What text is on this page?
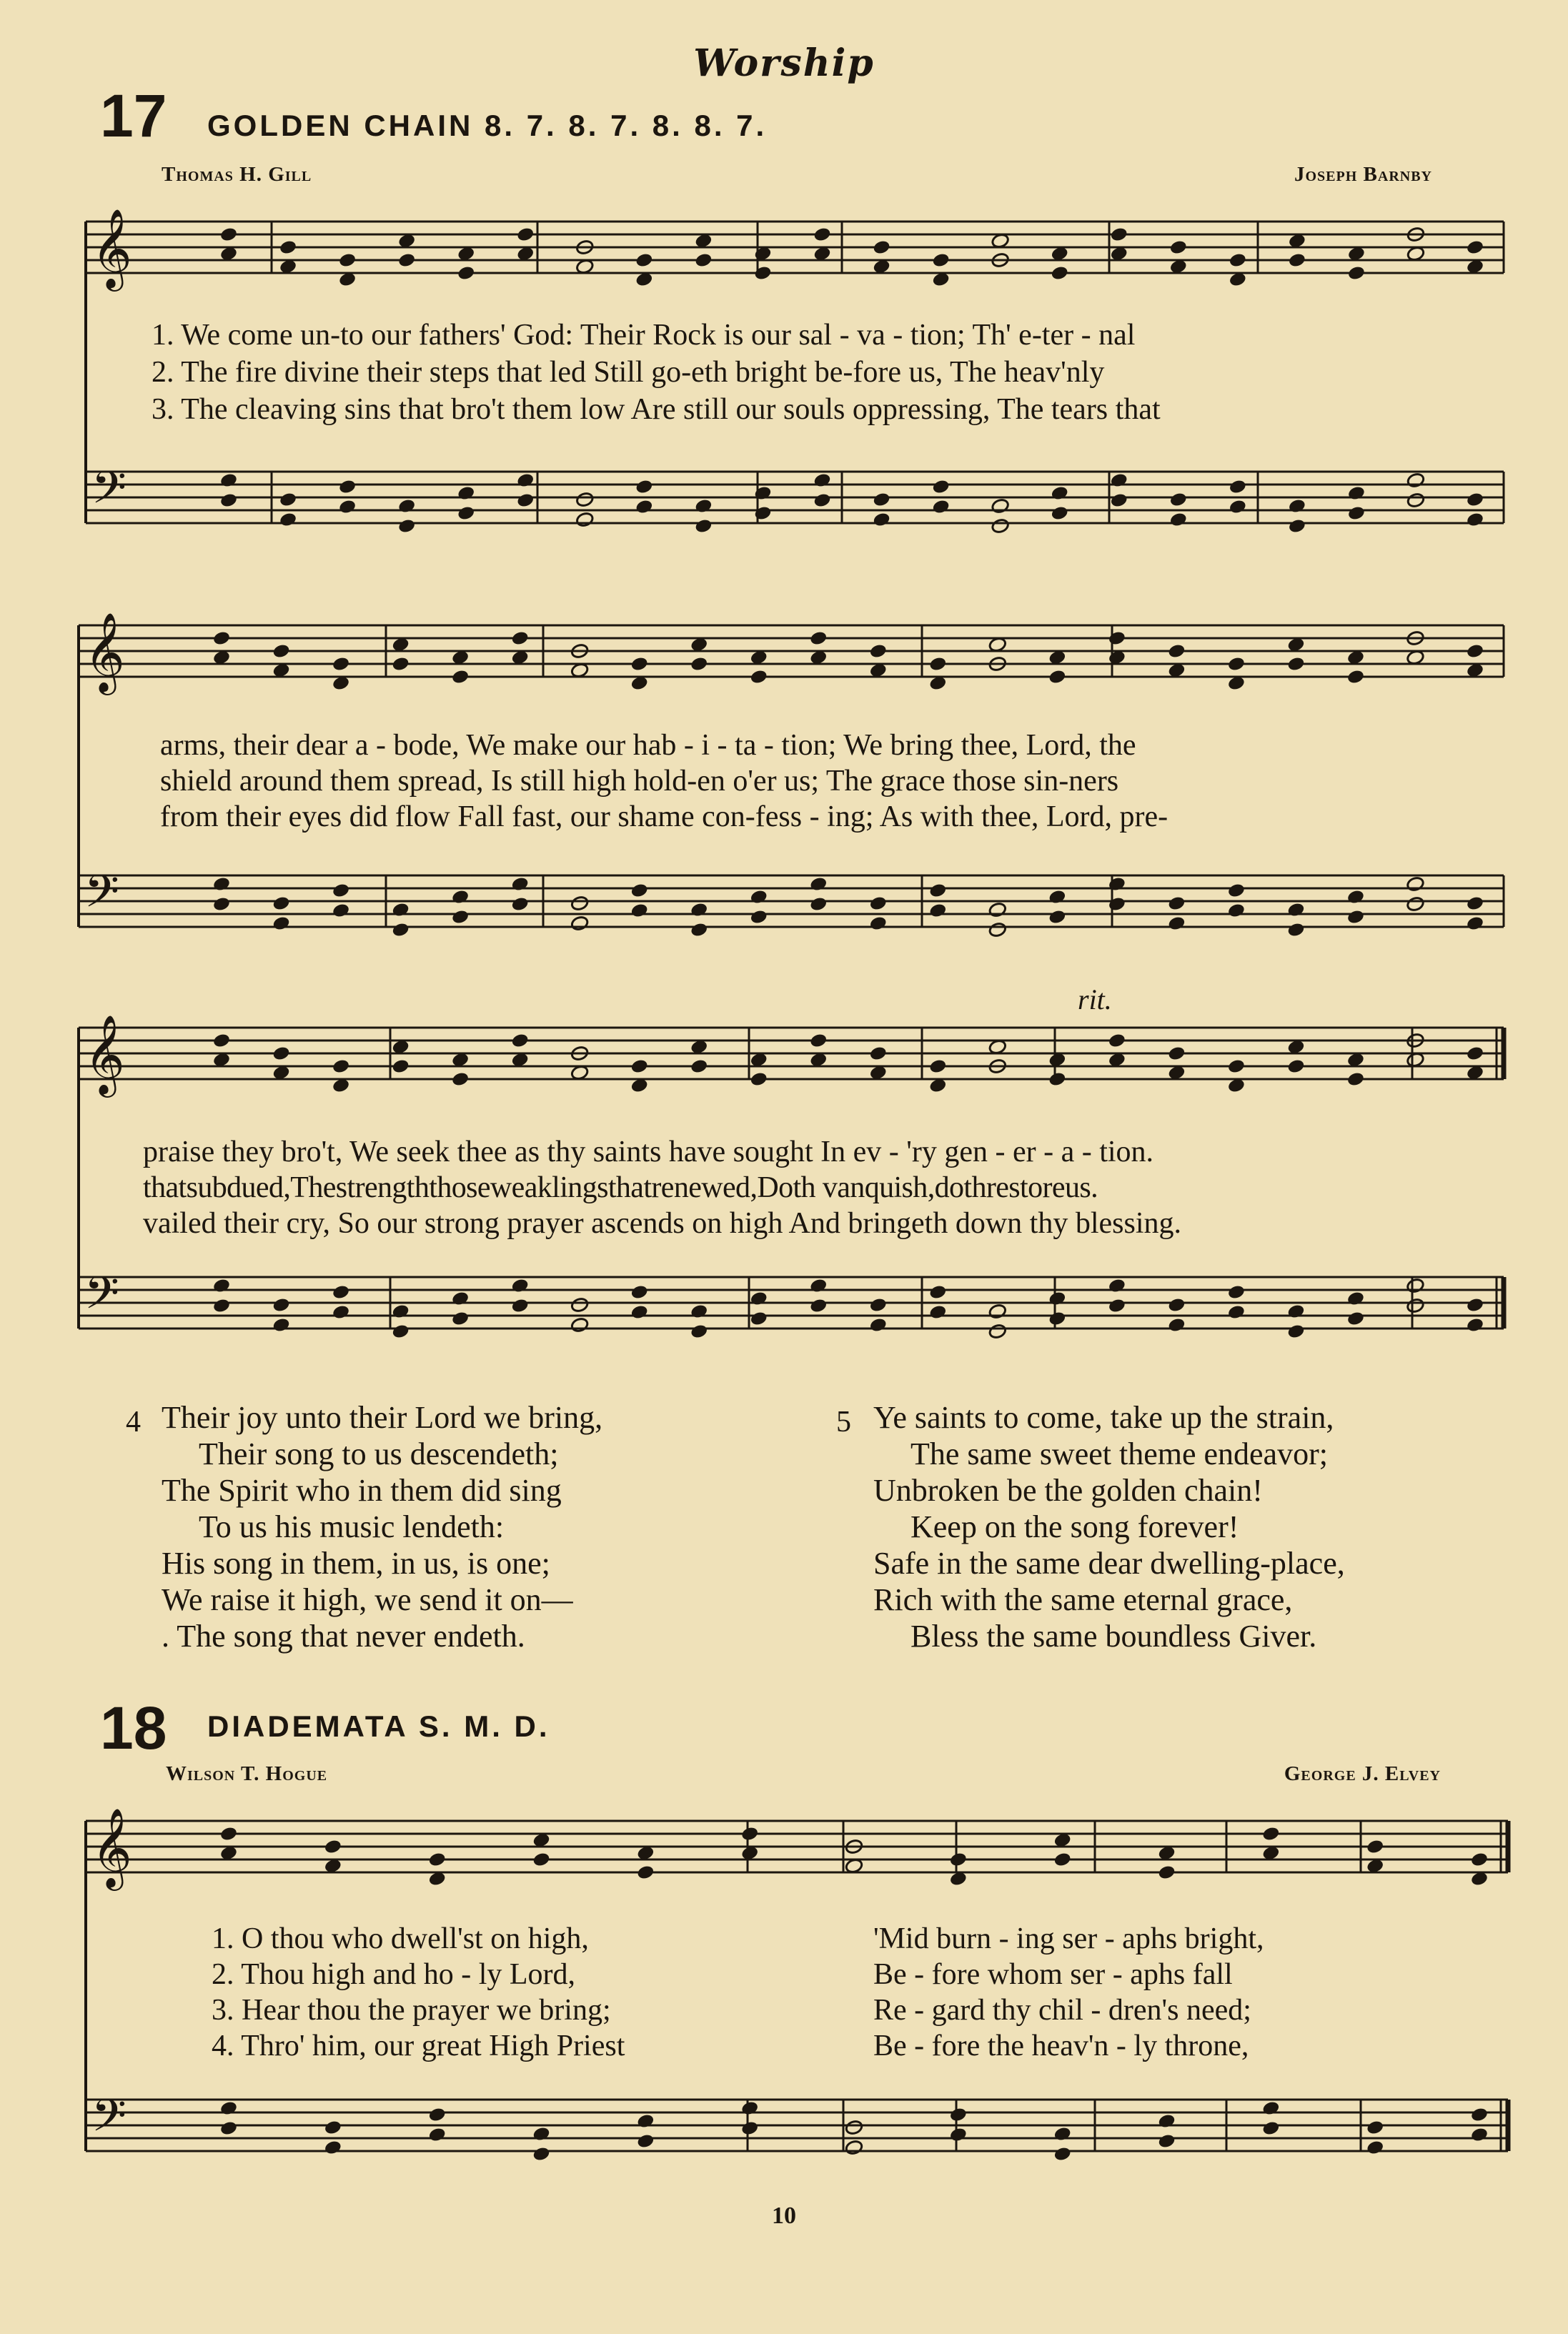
Worship
17 GOLDEN CHAIN 8. 7. 8. 7. 8. 8. 7.
Thomas H. Gill	Joseph Barnby
𝄞
𝄢
𝄞
𝄢
𝄞
𝄢
𝄞
𝄢
rit.
1. We come un-to our fathers' God: Their Rock is our sal - va - tion; Th' e-ter - nal
2. The fire divine their steps that led Still go-eth bright be-fore us, The heav'nly
3. The cleaving sins that bro't them low Are still our souls oppressing, The tears that
arms, their dear a - bode, We make our hab - i - ta - tion; We bring thee, Lord, the
shield around them spread, Is still high hold-en o'er us; The grace those sin-ners
from their eyes did flow Fall fast, our shame con-fess - ing; As with thee, Lord, pre-
praise they bro't, We seek thee as thy saints have sought In ev - 'ry gen - er - a - tion.
thatsubdued,Thestrengththoseweaklingsthatrenewed,Doth vanquish,dothrestoreus.
vailed their cry, So our strong prayer ascends on high And bringeth down thy blessing.
4 Their joy unto their Lord we bring,
Their song to us descendeth;
The Spirit who in them did sing
To us his music lendeth:
His song in them, in us, is one;
We raise it high, we send it on—
. The song that never endeth.
5 Ye saints to come, take up the strain,
The same sweet theme endeavor;
Unbroken be the golden chain!
Keep on the song forever!
Safe in the same dear dwelling-place,
Rich with the same eternal grace,
Bless the same boundless Giver.
18 DIADEMATA S. M. D.
Wilson T. Hogue	George J. Elvey
1. O thou who dwell'st on high,
2. Thou high and ho - ly Lord,
3. Hear thou the prayer we bring;
4. Thro' him, our great High Priest
'Mid burn - ing ser - aphs bright,
Be - fore whom ser - aphs fall
Re - gard thy chil - dren's need;
Be - fore the heav'n - ly throne,
10
